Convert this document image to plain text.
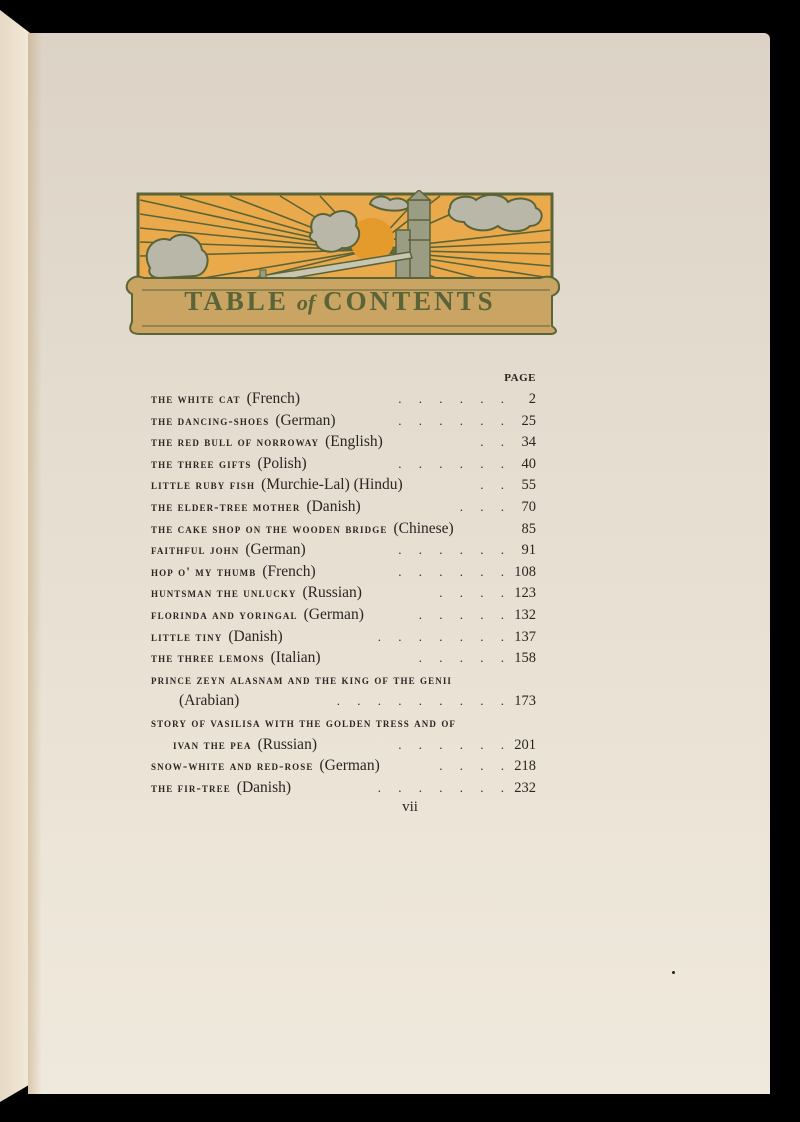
TABLE of CONTENTS
PAGE
the white cat (French)	. . . . . .	2
the dancing-shoes (German)	. . . . . .	25
the red bull of norroway (English)	. .	34
the three gifts (Polish)	. . . . . .	40
little ruby fish (Murchie-Lal) (Hindu)	. .	55
the elder-tree mother (Danish)	. . .	70
the cake shop on the wooden bridge (Chinese)	85
faithful john (German)	. . . . . .	91
hop o' my thumb (French)	. . . . . . 108
huntsman the unlucky (Russian)	. . . . 123
florinda and yoringal (German)	. . . . . 132
little tiny (Danish)	. . . . . . . 137
the three lemons (Italian)	. . . . . 158
prince zeyn alasnam and the king of the genii
(Arabian)	. . . . . . . . . 173
story of vasilisa with the golden tress and of
ivan the pea (Russian)	. . . . . . 201
snow-white and red-rose (German)	. . . . 218
the fir-tree (Danish)	. . . . . . . 232
vii
